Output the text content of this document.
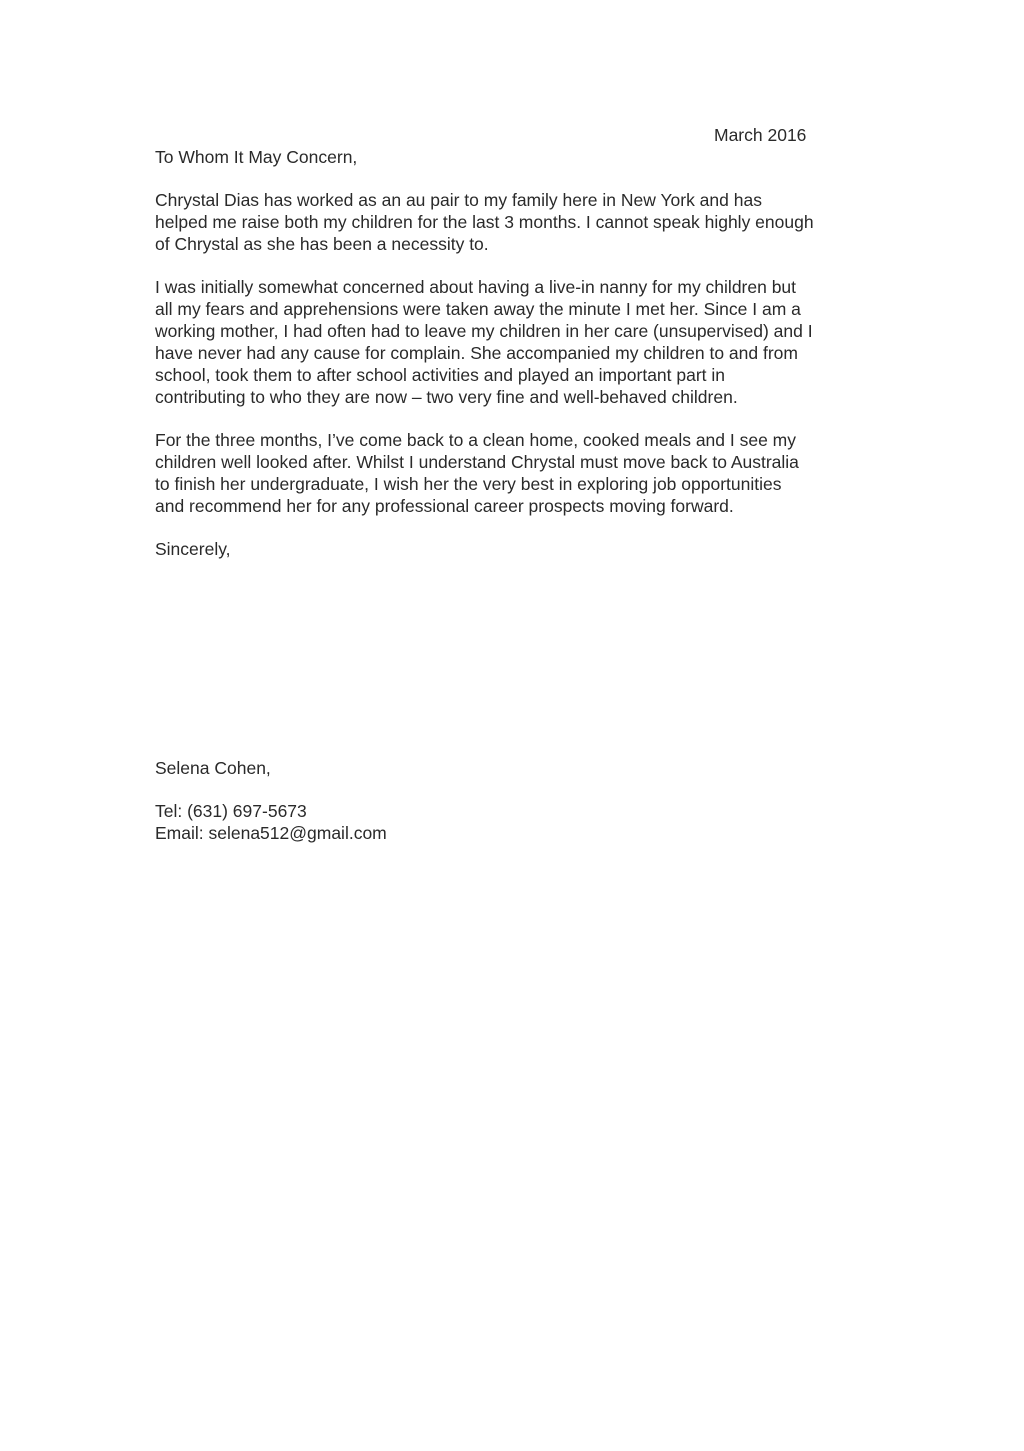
March 2016
To Whom It May Concern,
Chrystal Dias has worked as an au pair to my family here in New York and has
helped me raise both my children for the last 3 months. I cannot speak highly enough
of Chrystal as she has been a necessity to.
I was initially somewhat concerned about having a live-in nanny for my children but
all my fears and apprehensions were taken away the minute I met her. Since I am a
working mother, I had often had to leave my children in her care (unsupervised) and I
have never had any cause for complain. She accompanied my children to and from
school, took them to after school activities and played an important part in
contributing to who they are now – two very fine and well-behaved children.
For the three months, I’ve come back to a clean home, cooked meals and I see my
children well looked after. Whilst I understand Chrystal must move back to Australia
to finish her undergraduate, I wish her the very best in exploring job opportunities
and recommend her for any professional career prospects moving forward.
Sincerely,
Selena Cohen,
Tel: (631) 697-5673
Email: selena512@gmail.com
